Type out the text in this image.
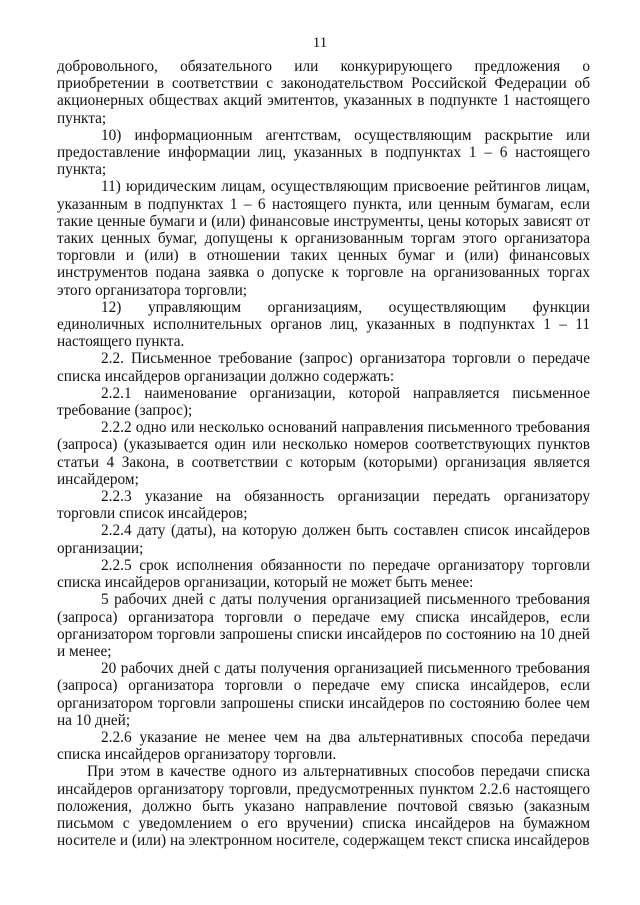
11

добровольного, обязательного или конкурирующего предложения о приобретении в соответствии с законодательством Российской Федерации об акционерных обществах акций эмитентов, указанных в подпункте 1 настоящего пункта;

10) информационным агентствам, осуществляющим раскрытие или предоставление информации лиц, указанных в подпунктах 1 – 6 настоящего пункта;

11) юридическим лицам, осуществляющим присвоение рейтингов лицам, указанным в подпунктах 1 – 6 настоящего пункта, или ценным бумагам, если такие ценные бумаги и (или) финансовые инструменты, цены которых зависят от таких ценных бумаг, допущены к организованным торгам этого организатора торговли и (или) в отношении таких ценных бумаг и (или) финансовых инструментов подана заявка о допуске к торговле на организованных торгах этого организатора торговли;

12) управляющим организациям, осуществляющим функции единоличных исполнительных органов лиц, указанных в подпунктах 1 – 11 настоящего пункта.

2.2. Письменное требование (запрос) организатора торговли о передаче списка инсайдеров организации должно содержать:

2.2.1 наименование организации, которой направляется письменное требование (запрос);

2.2.2 одно или несколько оснований направления письменного требования (запроса) (указывается один или несколько номеров соответствующих пунктов статьи 4 Закона, в соответствии с которым (которыми) организация является инсайдером;

2.2.3 указание на обязанность организации передать организатору торговли список инсайдеров;

2.2.4 дату (даты), на которую должен быть составлен список инсайдеров организации;

2.2.5 срок исполнения обязанности по передаче организатору торговли списка инсайдеров организации, который не может быть менее:

5 рабочих дней с даты получения организацией письменного требования (запроса) организатора торговли о передаче ему списка инсайдеров, если организатором торговли запрошены списки инсайдеров по состоянию на 10 дней и менее;

20 рабочих дней с даты получения организацией письменного требования (запроса) организатора торговли о передаче ему списка инсайдеров, если организатором торговли запрошены списки инсайдеров по состоянию более чем на 10 дней;

2.2.6 указание не менее чем на два альтернативных способа передачи списка инсайдеров организатору торговли.

При этом в качестве одного из альтернативных способов передачи списка инсайдеров организатору торговли, предусмотренных пунктом 2.2.6 настоящего положения, должно быть указано направление почтовой связью (заказным письмом с уведомлением о его вручении) списка инсайдеров на бумажном носителе и (или) на электронном носителе, содержащем текст списка инсайдеров
